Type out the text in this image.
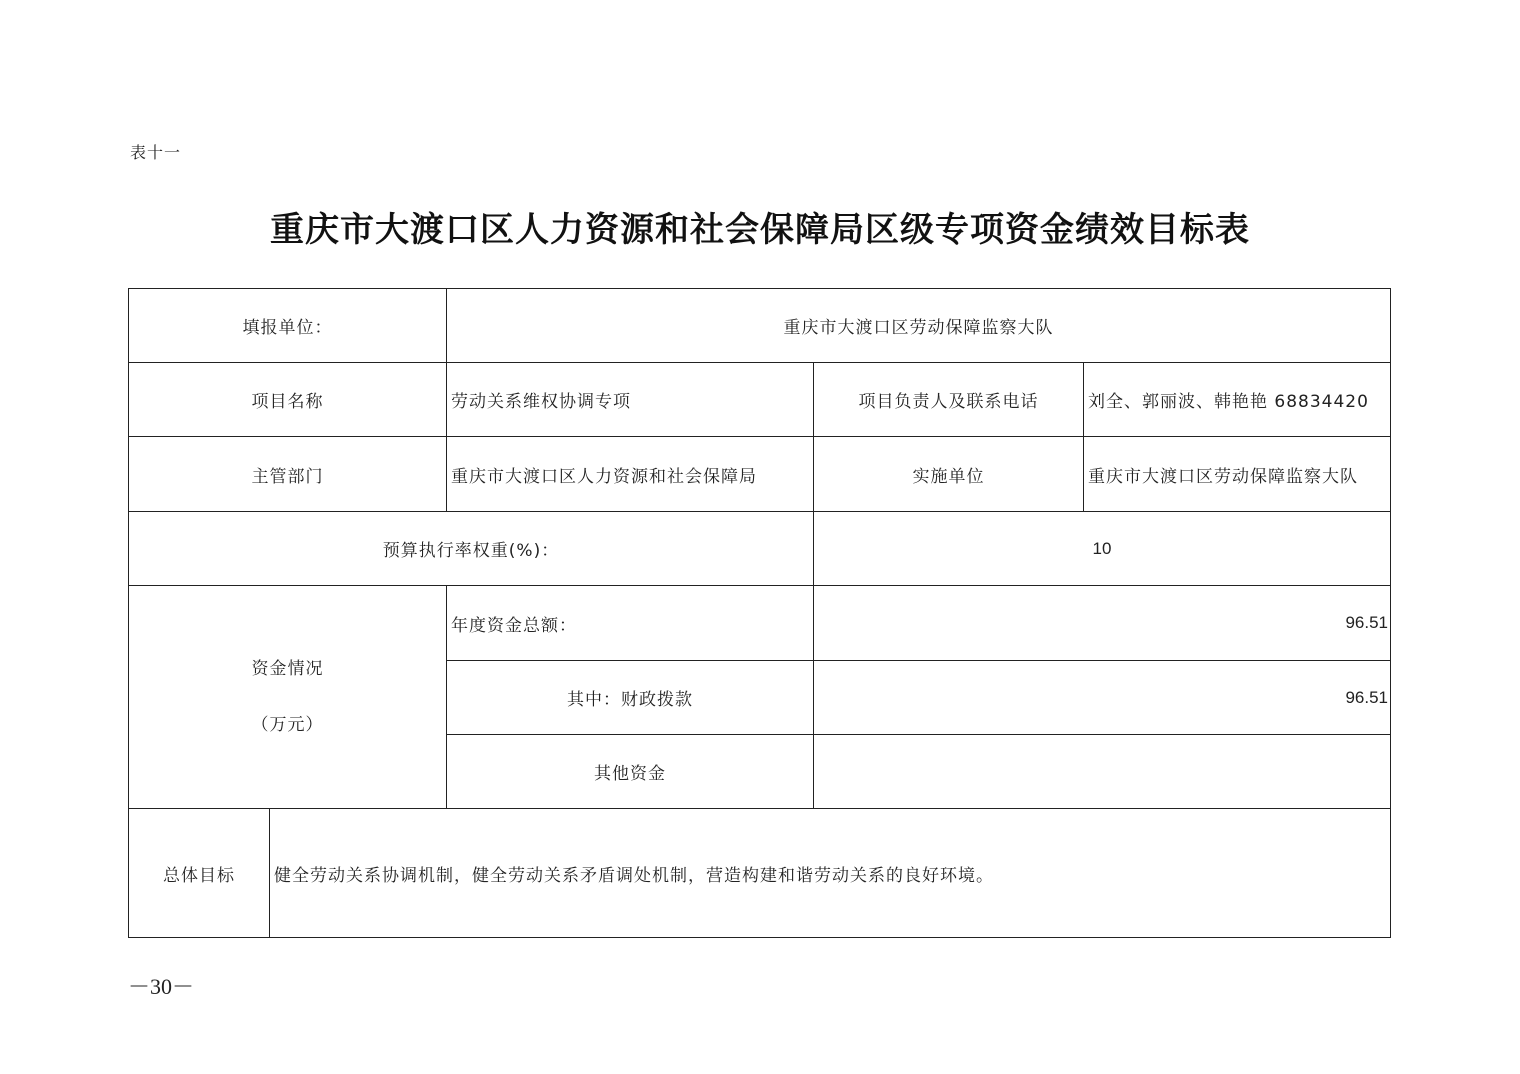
表十一
重庆市大渡口区人力资源和社会保障局区级专项资金绩效目标表
填报单位：	重庆市大渡口区劳动保障监察大队
项目名称	劳动关系维权协调专项	项目负责人及联系电话	刘全、郭丽波、韩艳艳 68834420
主管部门	重庆市大渡口区人力资源和社会保障局	实施单位	重庆市大渡口区劳动保障监察大队
预算执行率权重(%)：	10
资金情况
（万元）
年度资金总额：	96.51
其中：财政拨款	96.51
其他资金
总体目标	健全劳动关系协调机制，健全劳动关系矛盾调处机制，营造构建和谐劳动关系的良好环境。
－30－
